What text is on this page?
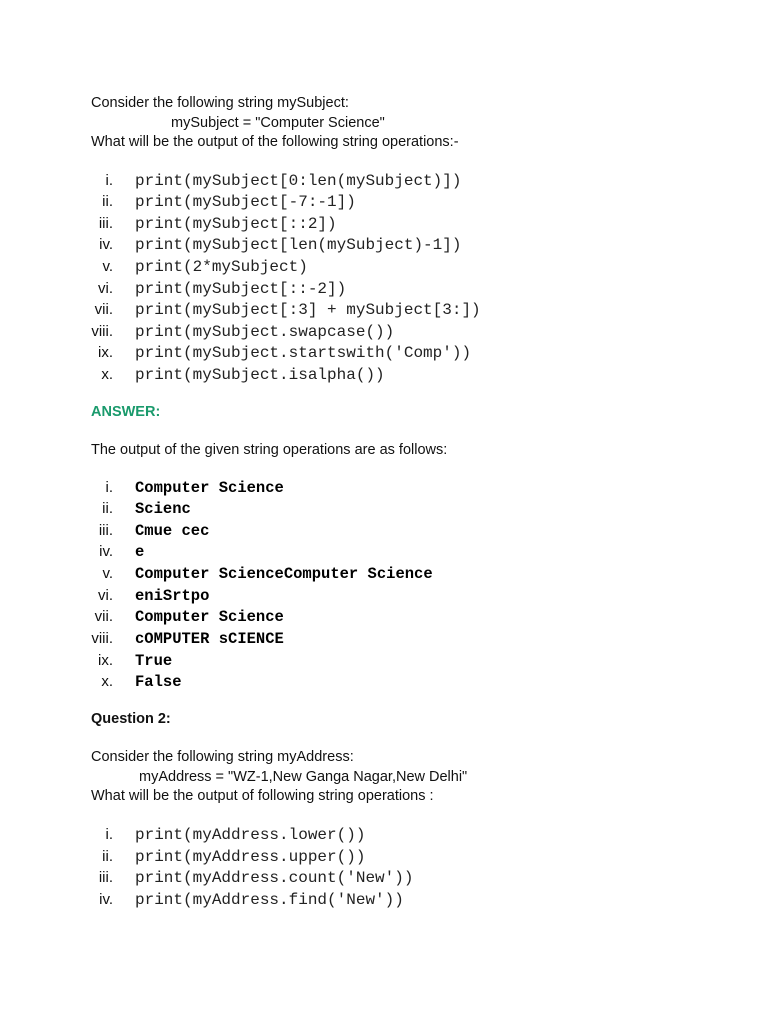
Consider the following string mySubject:
mySubject = "Computer Science"
What will be the output of the following string operations:-
i. print(mySubject[0:len(mySubject)])
ii. print(mySubject[-7:-1])
iii. print(mySubject[::2])
iv. print(mySubject[len(mySubject)-1])
v. print(2*mySubject)
vi. print(mySubject[::-2])
vii. print(mySubject[:3] + mySubject[3:])
viii. print(mySubject.swapcase())
ix. print(mySubject.startswith('Comp'))
x. print(mySubject.isalpha())
ANSWER:
The output of the given string operations are as follows:
i. Computer Science
ii. Scienc
iii. Cmue cec
iv. e
v. Computer ScienceComputer Science
vi. eniSrtpo
vii. Computer Science
viii. cOMPUTER sCIENCE
ix. True
x. False
Question 2:
Consider the following string myAddress:
myAddress = "WZ-1,New Ganga Nagar,New Delhi"
What will be the output of following string operations :
i. print(myAddress.lower())
ii. print(myAddress.upper())
iii. print(myAddress.count('New'))
iv. print(myAddress.find('New'))
